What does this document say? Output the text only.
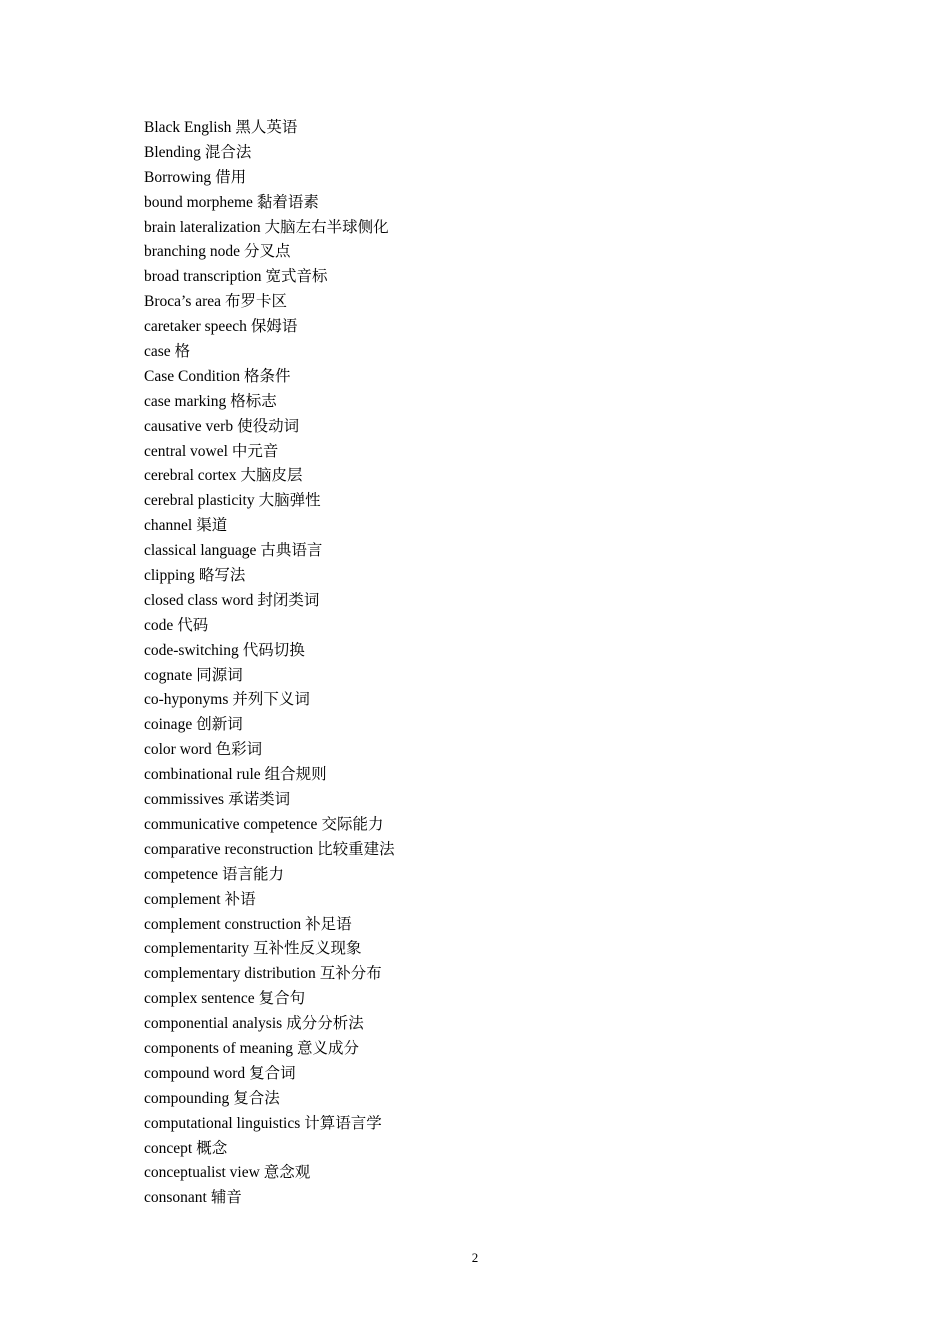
Black English 黑人英语
Blending 混合法
Borrowing 借用
bound morpheme 黏着语素
brain lateralization 大脑左右半球侧化
branching node 分叉点
broad transcription 宽式音标
Broca’s area 布罗卡区
caretaker speech 保姆语
case 格
Case Condition 格条件
case marking 格标志
causative verb 使役动词
central vowel 中元音
cerebral cortex 大脑皮层
cerebral plasticity 大脑弹性
channel 渠道
classical language 古典语言
clipping 略写法
closed class word 封闭类词
code 代码
code-switching 代码切换
cognate 同源词
co-hyponyms 并列下义词
coinage 创新词
color word 色彩词
combinational rule 组合规则
commissives 承诺类词
communicative competence 交际能力
comparative reconstruction 比较重建法
competence 语言能力
complement 补语
complement construction 补足语
complementarity 互补性反义现象
complementary distribution 互补分布
complex sentence 复合句
componential analysis 成分分析法
components of meaning 意义成分
compound word 复合词
compounding 复合法
computational linguistics 计算语言学
concept 概念
conceptualist view 意念观
consonant 辅音
2
